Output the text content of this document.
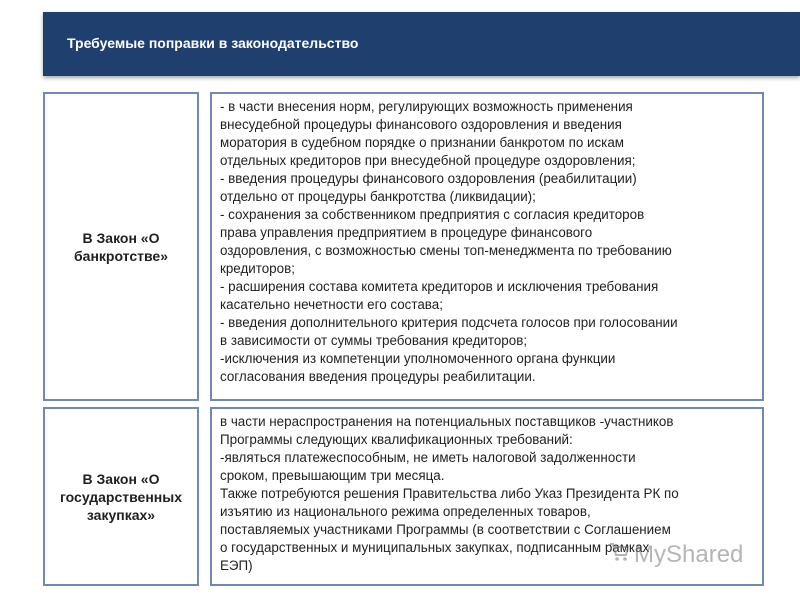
Требуемые поправки в законодательство
В Закон «О банкротстве»

- в части внесения норм, регулирующих возможность применения

внесудебной процедуры финансового оздоровления и введения

моратория в судебном порядке о признании банкротом по искам

отдельных кредиторов при внесудебной процедуре оздоровления;

- введения процедуры финансового оздоровления (реабилитации)

отдельно от процедуры банкротства (ликвидации);

- сохранения за собственником предприятия с согласия кредиторов

права управления предприятием в процедуре финансового

оздоровления, с возможностью смены топ-менеджмента по требованию

кредиторов;

- расширения состава комитета кредиторов и исключения требования

касательно нечетности его состава;

- введения дополнительного критерия подсчета голосов при голосовании

в зависимости от суммы требования кредиторов;

-исключения из компетенции уполномоченного органа функции

согласования введения процедуры реабилитации.

В Закон «О государственных закупках»

в части нераспространения на потенциальных поставщиков -участников

Программы следующих квалификационных требований:

-являться платежеспособным, не иметь налоговой задолженности

сроком, превышающим три месяца.

Также потребуются решения Правительства либо Указ Президента РК по

изъятию из национального режима определенных товаров,

поставляемых участниками Программы (в соответствии с Соглашением

о государственных и муниципальных закупках, подписанным рамках

ЕЭП)	MyShared
